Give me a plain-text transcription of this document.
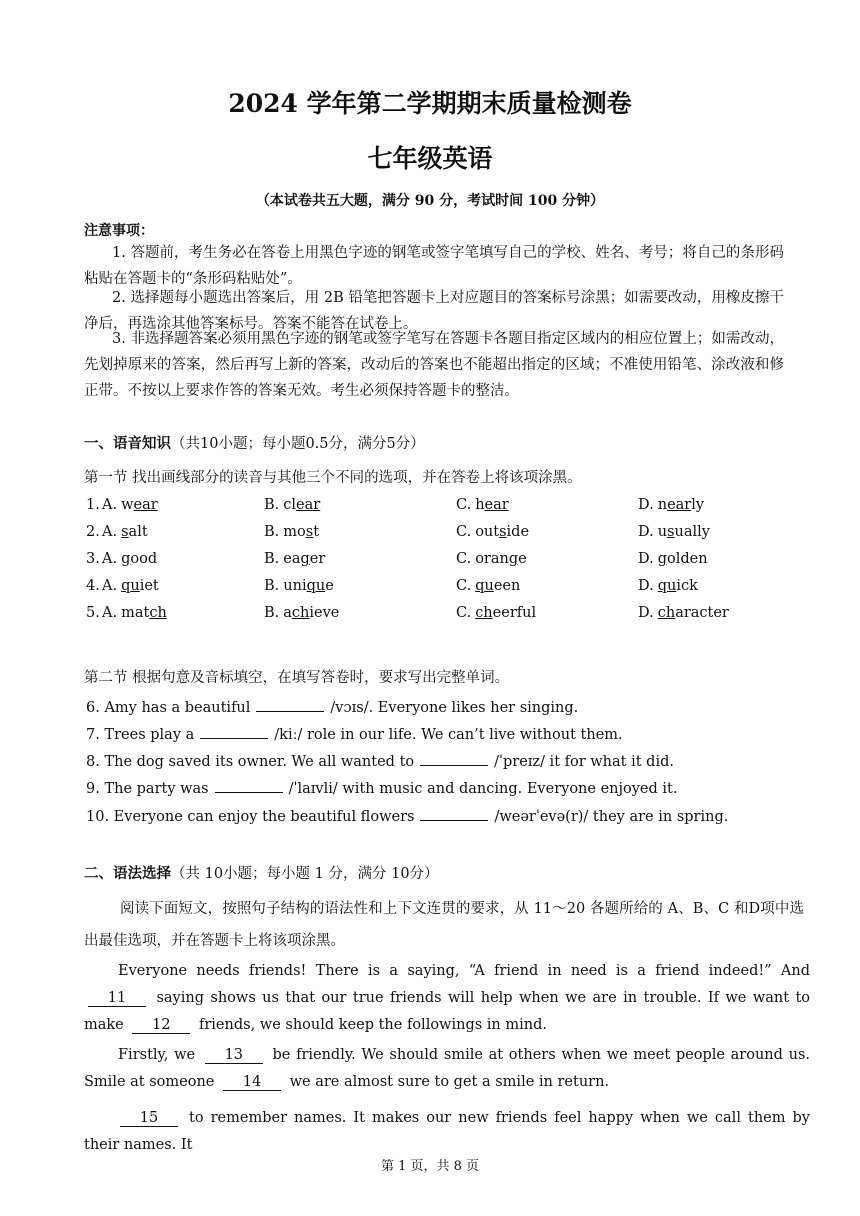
2024 学年第二学期期末质量检测卷
七年级英语
（本试卷共五大题，满分 90 分，考试时间 100 分钟）
注意事项：
1. 答题前，考生务必在答卷上用黑色字迹的钢笔或签字笔填写自己的学校、姓名、考号；将自己的条形码粘贴在答题卡的“条形码粘贴处”。
2. 选择题每小题选出答案后，用 2B 铅笔把答题卡上对应题目的答案标号涂黑；如需要改动，用橡皮擦干净后，再选涂其他答案标号。答案不能答在试卷上。
3. 非选择题答案必须用黑色字迹的钢笔或签字笔写在答题卡各题目指定区域内的相应位置上；如需改动，先划掉原来的答案，然后再写上新的答案，改动后的答案也不能超出指定的区域；不准使用铅笔、涂改液和修正带。不按以上要求作答的答案无效。考生必须保持答题卡的整洁。
一、语音知识（共10小题；每小题0.5分，满分5分）
第一节 找出画线部分的读音与其他三个不同的选项，并在答卷上将该项涂黑。
1. A. wear	B. clear	C. hear	D. nearly
2. A. salt	B. most	C. outside	D. usually
3. A. good	B. eager	C. orange	D. golden
4. A. quiet	B. unique	C. queen	D. quick
5. A. match	B. achieve	C. cheerful	D. character
第二节 根据句意及音标填空，在填写答卷时，要求写出完整单词。
6. Amy has a beautiful	/vɔɪs/. Everyone likes her singing.
7. Trees play a	/kiː/ role in our life. We can’t live without them.
8. The dog saved its owner. We all wanted to	/ˈpreɪz/ it for what it did.
9. The party was	/ˈlaɪvli/ with music and dancing. Everyone enjoyed it.
10. Everyone can enjoy the beautiful flowers	/weərˈevə(r)/ they are in spring.
二、语法选择（共 10小题；每小题 1 分，满分 10分）
阅读下面短文，按照句子结构的语法性和上下文连贯的要求，从 11～20 各题所给的 A、B、C 和D项中选出最佳选项，并在答题卡上将该项涂黑。
Everyone needs friends! There is a saying, “A friend in need is a friend indeed!” And 11 saying shows us that our true friends will help when we are in trouble. If we want to make 12 friends, we should keep the followings in mind.
Firstly, we 13 be friendly. We should smile at others when we meet people around us. Smile at someone 14 we are almost sure to get a smile in return.
15 to remember names. It makes our new friends feel happy when we call them by their names. It
第 1 页，共 8 页
